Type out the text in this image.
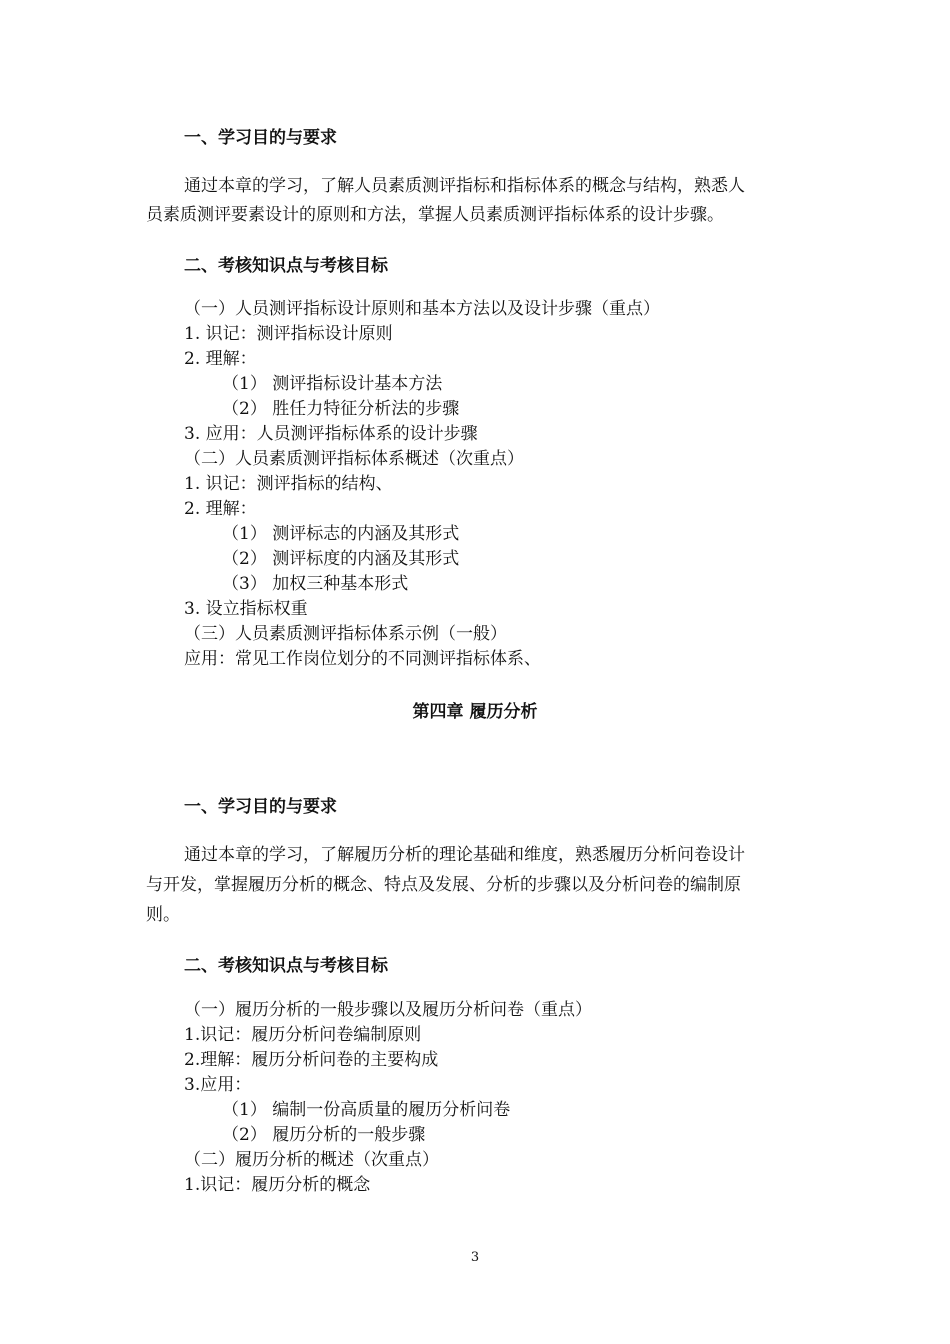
一、学习目的与要求

通过本章的学习，了解人员素质测评指标和指标体系的概念与结构，熟悉人

员素质测评要素设计的原则和方法，掌握人员素质测评指标体系的设计步骤。

二、考核知识点与考核目标

（一）人员测评指标设计原则和基本方法以及设计步骤（重点）

1. 识记：测评指标设计原则

2. 理解：

（1） 测评指标设计基本方法

（2） 胜任力特征分析法的步骤

3. 应用：人员测评指标体系的设计步骤

（二）人员素质测评指标体系概述（次重点）

1. 识记：测评指标的结构、

2. 理解：

（1） 测评标志的内涵及其形式

（2） 测评标度的内涵及其形式

（3） 加权三种基本形式

3. 设立指标权重

（三）人员素质测评指标体系示例（一般）

应用：常见工作岗位划分的不同测评指标体系、

第四章 履历分析

一、学习目的与要求

通过本章的学习，了解履历分析的理论基础和维度，熟悉履历分析问卷设计

与开发，掌握履历分析的概念、特点及发展、分析的步骤以及分析问卷的编制原

则。

二、考核知识点与考核目标

（一）履历分析的一般步骤以及履历分析问卷（重点）

1.识记：履历分析问卷编制原则

2.理解：履历分析问卷的主要构成

3.应用：

（1） 编制一份高质量的履历分析问卷

（2） 履历分析的一般步骤

（二）履历分析的概述（次重点）

1.识记：履历分析的概念

3
